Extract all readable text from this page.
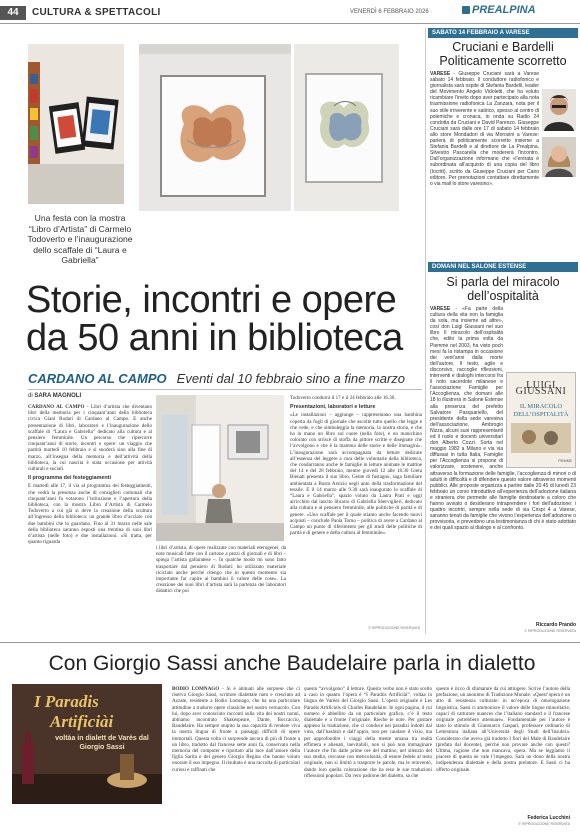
44	CULTURA & SPETTACOLI	VENERDÌ 6 FEBBRAIO 2026	PREALPINA
Una festa con la mostra “Libro d’Artista” di Carmelo Todoverto e l’inaugurazione dello scaffale di “Laura e Gabriella”
Storie, incontri e opere da 50 anni in biblioteca
CARDANO AL CAMPO Eventi dal 10 febbraio sino a fine marzo
di SARA MAGNOLI

CARDANO AL CAMPO - Libri d’artista che diventano libri della memoria per i cinquant’anni della biblioteca civica Giani Rodari di Cardano al Campo. E anche presentazione di libri, laboratori e l’inaugurazione dello scaffale di “Laura e Gabriella” dedicato alla cultura e al pensiero femminile. Un percorso che ripercorre cinquant’anni di storie, incontri e opere: un viaggio che partirà martedì 10 febbraio e si snoderà sino alla fine di marzo, all’insegna della memoria e dell’attività della biblioteca, la cui nascita è stata occasione per attività culturali e sociali.

Il programma dei festeggiamenti

E martedì alle 17, il via al programma dei festeggiamenti, che vedrà la presenza anche di consiglieri comunali che cinquant’anni fa votarono l’istituzione e l’apertura della biblioteca, con la mostra Libro d’Artista di Carmelo Todoverto a cui già si deve la creazione della scultura all’ingresso della biblioteca: un grande libro d’acciaio con due bambini che lo guardano. Fino al 31 marzo nelle sale della biblioteca saranno esposti una trentina di suoi libri d’artista (nelle foto) e due installazioni. «Si tratta, per quanto riguarda

i libri d’artista, di opere realizzate con materiali eterogenei, da note musicali fatte con il cartone a pezzi di giornali e di libri – spiega l’artista gallaratese –. In qualche modo mi sono fatto trasportare dal pensiero di Rodari: ho utilizzato materiale riciclato anche perché ritengo che in questo momento sia importante far capire ai bambini il valore delle cose». La creazione dei suoi libri d’artista sarà la partenza dei laboratori didattici che poi

Todoverto condurrà il 17 e il 24 febbraio alle 16.30.

Presentazioni, laboratori e letture

«Le installazioni – aggiunge – rappresentano una bambina coperta da fogli di giornale che ascolte tutto quello che legge e che vede, e che simboleggia la memoria, la nostra storia, e che ha in mano un libro sul cuore (nella foto), e un manichino colorato con strisce di stoffa da pittore scritte e disegnate che l’avvolgono e che è la mamma delle storie e delle immagini». L’inaugurazione sarà accompagnata da letture dedicate all’essenza del leggere a cura delle volontarie della biblioteca, che condurranno anche le famiglie in letture animate le mattine del 14 e del 28 febbraio, mentre giovedì 12 alle 18.30 Greta Bienati presenta il suo libro, Gente di fustagno, saga familiare ambientata a Busto Arsizio negli anni della trasformazione del tessile. E il 14 marzo alle 9.30 sarà inaugurato lo scaffale di “Laura e Gabriella”, spazio voluto da Laura Prati e oggi arricchito dal lascito librario di Gabriella Sberviglieri, dedicato alla cultura e al pensiero femminile, alle politiche di parità e di genere. «Uno scaffale per il quale stiamo anche facendo nuovi acquisti – conclude Paola Torno – politica di avere a Cardano al Campo un punto di riferimento per gli studi delle politiche di parità e di genere e della cultura al femminile».

© RIPRODUZIONE RISERVATA
SABATO 14 FEBBRAIO A VARESE
Cruciani e Bardelli Politicamente scorretto
VARESE - Giuseppe Cruciani sarà a Varese sabato 14 febbraio. Il conduttore radiofonico e giornalista sarà ospite di Stefania Bardelli, leader del Movimento Angelo Vidoletti, che ha voluto ricambiare l’invito dopo aver partecipato alla nota trasmissione radiofonica La Zanzara, nota per il suo stile irriverente e satirico, spesso al centro di polemiche e cronaca, in onda su Radio 24 condotta da Cruciani e David Parenzo. Giuseppe Cruciani sarà dalle ore 17 di sabato 14 febbraio allo store Mondadori di via Morosini a Varese: parlerà di politicamente scorretto insieme a Stefania Bardelli e al direttore de La Prealpina, Silvestro Pascarella che modererà l’incontro. Dall’organizzazione informano che «l’entrata è subordinata all’acquisto di una copia del libro (Iocritt), scritto da Giuseppe Cruciani per Cairo editore. Per prenotazioni contattare direttamente o via mail lo store varesino».
DOMANI NEL SALONE ESTENSE
Si parla del miracolo dell’ospitalità
LUIGI GIUSSANI
IL MIRACOLO DELL’OSPITALITÀ
PIEMME
VARESE - «Fa parte della cultura della vita non la famiglia da sola, ma insieme ad altre», così don Luigi Giussani nel suo libro Il miracolo dell’ospitalità che, edito la prima volta da Piemme nel 2003, ha visto poch mesi fa la ristampa in occasione dei vent’anni dalla morte dell’autore. Il testo, agile e discorsivo, raccoglie riflessioni, interventi e dialoghi intercorsi fra il noto sacerdote milanese e l’associazione Famiglie per l’Accoglienza, che domani alle 18 lo illustrerà in Salone Estense alla presenza del prefetto Salvatore Pasquariello, del presidente della sede varesina dell’associazione, Ambrogio Nizza, alcuni suoi rappresentanti ed il ruolo e docenti universitari don Alberto Cozzi. Sorta nel maggio 1982 a Milano e via via diffusasi in tutta Italia, Famiglie per l’Accoglienza si propone di valorizzare, sostenere, anche attraverso la formazione delle famiglie, l’accoglienza di minori o di adulti in difficoltà e di difendere questo valore attraverso momenti pubblici. Alle proposte organizza a partire dalle 20.45 di lunedì 23 febbraio un corso introduttivo all’esperienza dell’adozione italiana e straniera che permette alle famiglie destinatarie a coloro che hanno avviato o desiderano intraprendere i fori dell’adozione: i quattro incontri, sempre nella sede di via Crispi 4 a Varese, saranno tenuti da famiglie che vivono l’esperienza dell’adozione o provvisoria, e prevedono una testimonianza di chi è stato adottato e dei quali spazio al dialogo e al confronto.
Riccardo Prando
© RIPRODUZIONE RISERVATA
Con Giorgio Sassi anche Baudelaire parla in dialetto
I Paradis
Artificiài
voltàa in dialett de Varès dal Giorgio Sassi

BODIO LOMNAGO - Si è abituati alle sorprese che ci riserva Giorgio Sassi, scrittore dialettale noto e cresciuto ad Azzate, residente a Bodio Lomnago, che ha una particolare attitudine a tradurre opere classiche nel nostro vernacolo. Con lui, dopo aver conosciuto racconti sulla vita dei nostri nonni, abbiamo incontrato Shakespeare, Dante, Boccaccio, Baudelaire. Ha sempre stupito la sua capacità di rendere viva la nostra lingua di fronte a passaggi difficili di opere immortali. Questa volta ci sorprende ancora di più di fronte a un libro, tradotto dal francese sette anni fa, conservato nella memoria del computer e riportato alla luce dall’amore della figlia Sarita e del genero Giorgio Regina che hanno voluto onorare il suo impegno. Il risultato è una raccolta di particolari curiosi e raffinati che

questo “avvolgono” il lettore. Questo verbo non è stato scelto a caso in quanto l’opera è “I Paradiis Artificiài”, voltàa in lingua de Varèes del Giorgio Sassi. L’opera originale è Les Paradis Artificiels di Charles Baudelaire. In ogni pagina, il cui numero è abbellito da un particolare grafico, c’è il testo dialettale e a fronte l’originale. Rieche le note. Per gustare appieno la traduzione, che ci conduce nei paradisi indotti dal vino, dall’hashish e dall’oppio, non per caudare il vizio, ma per approfondire i viaggi della mente umana tra realtà effimera e alienati, inevitabili, non si può non immaginare l’autore che fin dalle prime ore del mattino, nel silenzio del suo studio, cercasse con meticolosità, di essere fedele al testo originale, non si limitò a trasporre le parole, ma le reinventò, dando loro quella colorazione che ha reso le sue traduzioni riflessioni popolari. Da vero padrone del dialetto, sa che

questo è ricco di sfumature da cui attingere. Scrive l’autore della prefazione, un anonimo di Tradizione Monale: «Quest’opera è un atto di resistenza culturale: in un’epoca di omologazione linguistica, Sassi ci ammonisce il valore delle lingue minoritarie, capaci di catturare nuances che l’italiano standard o il francese originale potrebbero attenuare». Fondamentale per l’autore è stato lo stimolo di Gianmarco Gaspari, professore ordinario di Letteratura italiana all’Università degli Studi dell’Insubria. Considerato che aveva già tradotto I fiori del Male di Baudelaire (prefata dal docente), perché non provare anche con questi? Ultima, ragione che non mancava, opera. Ma se leggiamo il piacere di questa ne vale l’impegno. Sarà un dono della nostra indipendenza dialettale e della nostra prelatore. E Sassi ci ha offerto originale.

Federica Lucchini
© RIPRODUZIONE RISERVATA
